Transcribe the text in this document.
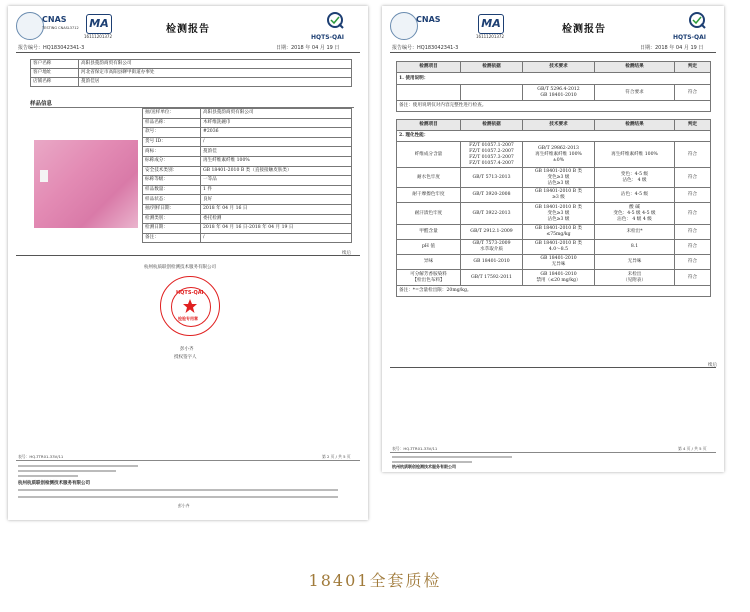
CNAS
TESTING CNASL3712 MA
16111201372
检测报告
HQTS-QAI
报告编号：HQ183042341-3	日期：2018 年 04 月 19 日
客户名称	高阳县蔓韵商贸有限公司
客户地址	河北省保定市高阳县聊甲街道办事处
店铺名称	蔓韵佳居
样品信息
抽/送样单位：	高阳县蔓韵商贸有限公司
样品名称：	木纤维洗碗巾
款号：	#2036
货号 ID：	/
商标：	蔓韵佳
标称成分：	再生纤维素纤维 100%
安全技术类别：	GB 18401-2010 B 类（直接接触皮肤类）
标称等级：	一等品
样品数量：	1 件
样品状态：	良好
抽/到样日期：	2018 年 04 月 16 日
检测类别：	委托检测
检测日期：	2018 年 04 月 16 日-2018 年 04 月 19 日
备注：	/
续后
杭州杭质联创检测技术服务有限公司
HQTS-QAI
检验专用章
彭小齐
授权签字人
表号：HQ-TTR01-33V/11	第 2 页 / 共 5 页
杭州杭质联创检测技术服务有限公司
彭小齐
CNAS	MA
16111201372
检测报告
HQTS-QAI
报告编号：HQ183042341-3	日期：2018 年 04 月 19 日
检测项目	检测依据	技术要求	检测结果	判定
1. 使用说明：				
		GB/T 5296.4-2012
GB 18401-2010	符合要求	符合
备注：使用说明仅对内容完整性进行检查。				

检测项目	检测依据	技术要求	检测结果	判定
2. 理化性能：				
纤维成分含量	FZ/T 01057.1-2007
FZ/T 01057.2-2007
FZ/T 01057.3-2007
FZ/T 01057.4-2007	GB/T 29862-2013
再生纤维素纤维 100%
±0%	再生纤维素纤维 100%	符合
耐水色牢度	GB/T 5713-2013	GB 18401-2010 B 类
变色≥3 级
沾色≥3 级	变色：4-5 级
沾色： 4 级	符合
耐干摩擦色牢度	GB/T 3920-2008	GB 18401-2010 B 类
≥3 级	沾色：4-5 级	符合
耐汗渍色牢度	GB/T 3922-2013	GB 18401-2010 B 类
变色≥3 级
沾色≥3 级	酸 碱
变色：4-5 级 4-5 级
沾色： 4 级 4 级	符合
甲醛含量	GB/T 2912.1-2009	GB 18401-2010 B 类
≤75mg/kg	未检出*	符合
pH 值	GB/T 7573-2009
水萃取介质	GB 18401-2010 B 类
4.0～8.5	8.1	符合
异味	GB 18401-2010	GB 18401-2010
无异味	无异味	符合
可分解芳香胺染料
【检出色布料】	GB/T 17592-2011	GB 18401-2010
禁用（≤20 mg/kg）	未检出
（见附表）	符合
备注：*=含量检出限：20mg/kg。				
续后
表号：HQ-TTR01-33V/11	第 4 页 / 共 5 页
杭州杭质联创检测技术服务有限公司
18401全套质检
